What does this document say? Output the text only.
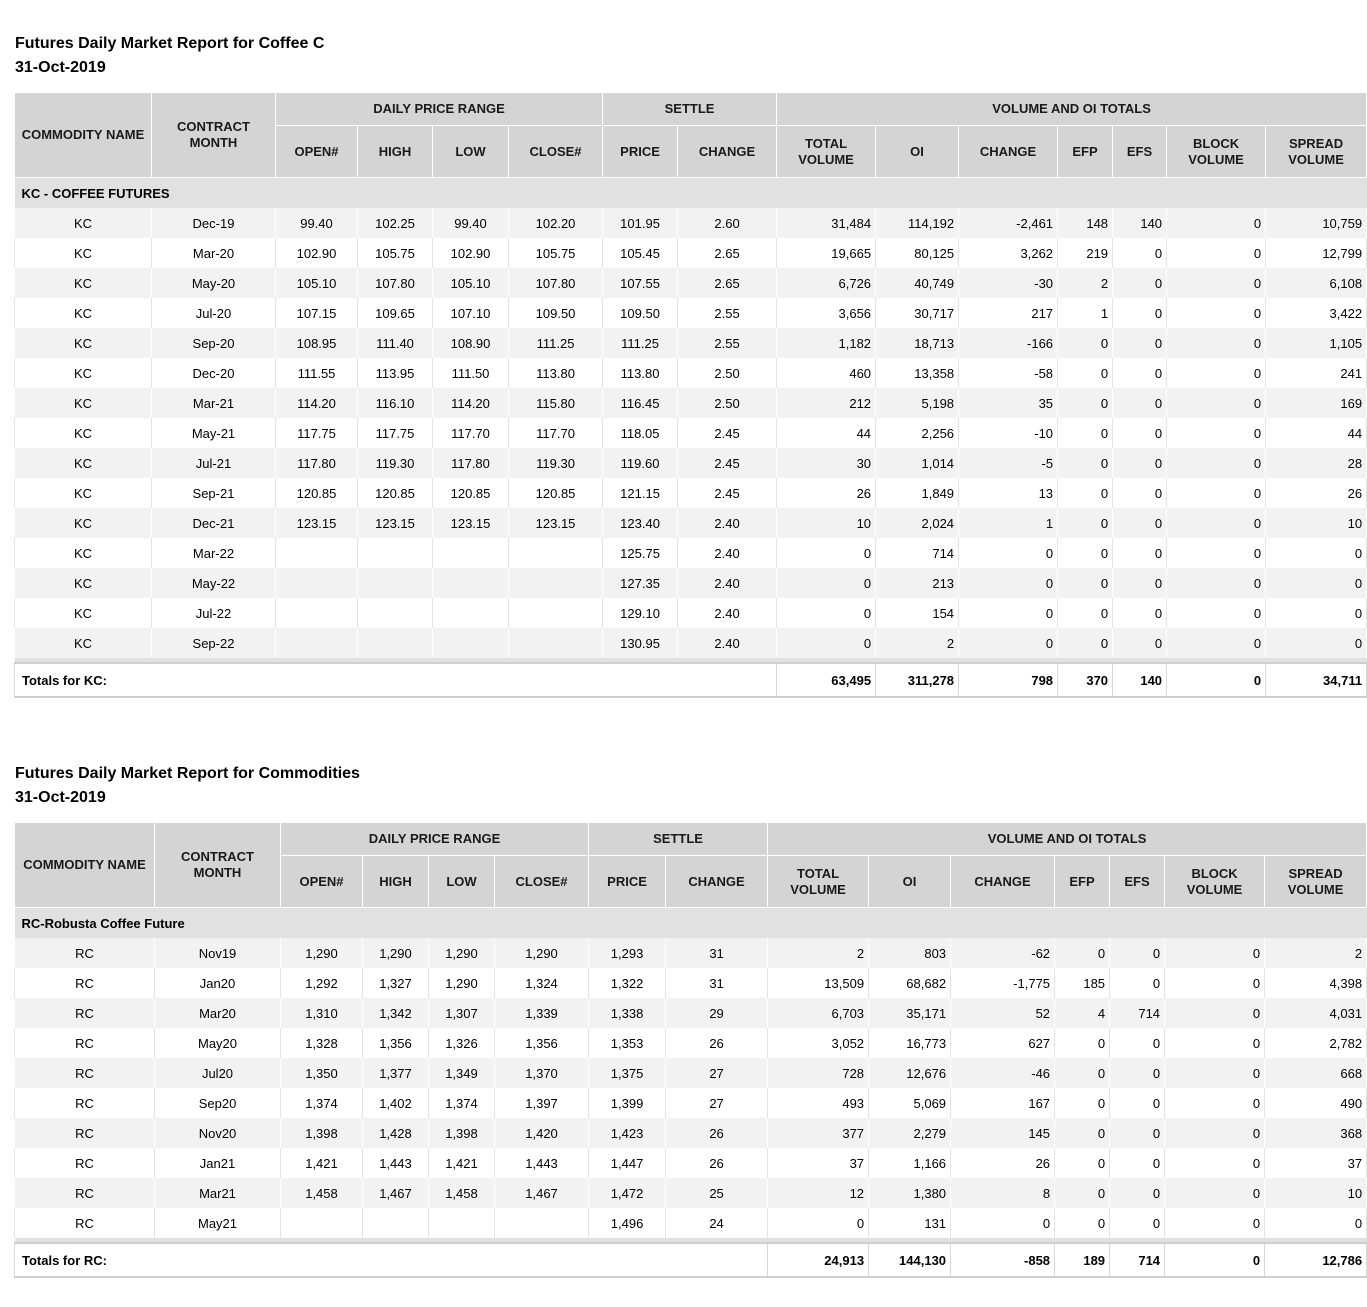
Futures Daily Market Report for Coffee C
31-Oct-2019
COMMODITY NAME	CONTRACT MONTH	DAILY PRICE RANGE				SETTLE		VOLUME AND OI TOTALS						
		OPEN#	HIGH	LOW	CLOSE#	PRICE	CHANGE	TOTAL VOLUME	OI	CHANGE	EFP	EFS	BLOCK VOLUME	SPREAD VOLUME
KC - COFFEE FUTURES														
KC	Dec-19	99.40	102.25	99.40	102.20	101.95	2.60	31,484	114,192	-2,461	148	140	0	10,759
KC	Mar-20	102.90	105.75	102.90	105.75	105.45	2.65	19,665	80,125	3,262	219	0	0	12,799
KC	May-20	105.10	107.80	105.10	107.80	107.55	2.65	6,726	40,749	-30	2	0	0	6,108
KC	Jul-20	107.15	109.65	107.10	109.50	109.50	2.55	3,656	30,717	217	1	0	0	3,422
KC	Sep-20	108.95	111.40	108.90	111.25	111.25	2.55	1,182	18,713	-166	0	0	0	1,105
KC	Dec-20	111.55	113.95	111.50	113.80	113.80	2.50	460	13,358	-58	0	0	0	241
KC	Mar-21	114.20	116.10	114.20	115.80	116.45	2.50	212	5,198	35	0	0	0	169
KC	May-21	117.75	117.75	117.70	117.70	118.05	2.45	44	2,256	-10	0	0	0	44
KC	Jul-21	117.80	119.30	117.80	119.30	119.60	2.45	30	1,014	-5	0	0	0	28
KC	Sep-21	120.85	120.85	120.85	120.85	121.15	2.45	26	1,849	13	0	0	0	26
KC	Dec-21	123.15	123.15	123.15	123.15	123.40	2.40	10	2,024	1	0	0	0	10
KC	Mar-22					125.75	2.40	0	714	0	0	0	0	0
KC	May-22					127.35	2.40	0	213	0	0	0	0	0
KC	Jul-22					129.10	2.40	0	154	0	0	0	0	0
KC	Sep-22					130.95	2.40	0	2	0	0	0	0	0

Totals for KC:								63,495	311,278	798	370	140	0	34,711
Futures Daily Market Report for Commodities
31-Oct-2019
COMMODITY NAME	CONTRACT MONTH	DAILY PRICE RANGE				SETTLE		VOLUME AND OI TOTALS						
		OPEN#	HIGH	LOW	CLOSE#	PRICE	CHANGE	TOTAL VOLUME	OI	CHANGE	EFP	EFS	BLOCK VOLUME	SPREAD VOLUME
RC-Robusta Coffee Future														
RC	Nov19	1,290	1,290	1,290	1,290	1,293	31	2	803	-62	0	0	0	2
RC	Jan20	1,292	1,327	1,290	1,324	1,322	31	13,509	68,682	-1,775	185	0	0	4,398
RC	Mar20	1,310	1,342	1,307	1,339	1,338	29	6,703	35,171	52	4	714	0	4,031
RC	May20	1,328	1,356	1,326	1,356	1,353	26	3,052	16,773	627	0	0	0	2,782
RC	Jul20	1,350	1,377	1,349	1,370	1,375	27	728	12,676	-46	0	0	0	668
RC	Sep20	1,374	1,402	1,374	1,397	1,399	27	493	5,069	167	0	0	0	490
RC	Nov20	1,398	1,428	1,398	1,420	1,423	26	377	2,279	145	0	0	0	368
RC	Jan21	1,421	1,443	1,421	1,443	1,447	26	37	1,166	26	0	0	0	37
RC	Mar21	1,458	1,467	1,458	1,467	1,472	25	12	1,380	8	0	0	0	10
RC	May21					1,496	24	0	131	0	0	0	0	0

Totals for RC:								24,913	144,130	-858	189	714	0	12,786
